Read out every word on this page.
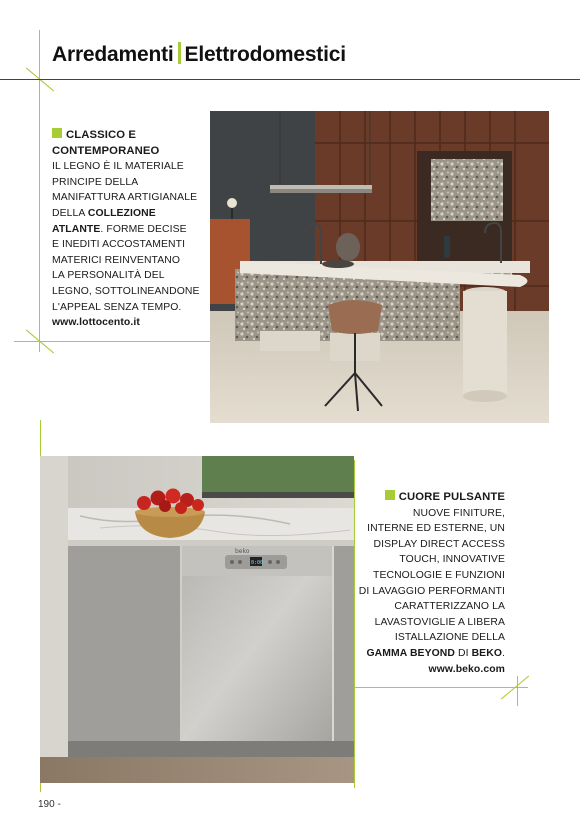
Arredamenti Elettrodomestici
CLASSICO E
CONTEMPORANEO
IL LEGNO È IL MATERIALE
PRINCIPE DELLA
MANIFATTURA ARTIGIANALE
DELLA COLLEZIONE
ATLANTE. FORME DECISE
E INEDITI ACCOSTAMENTI
MATERICI REINVENTANO
LA PERSONALITÀ DEL
LEGNO, SOTTOLINEANDONE
L'APPEAL SENZA TEMPO.
www.lottocento.it
beko
0:00
CUORE PULSANTE
NUOVE FINITURE,
INTERNE ED ESTERNE, UN
DISPLAY DIRECT ACCESS
TOUCH, INNOVATIVE
TECNOLOGIE E FUNZIONI
DI LAVAGGIO PERFORMANTI
CARATTERIZZANO LA
LAVASTOVIGLIE A LIBERA
ISTALLAZIONE DELLA
GAMMA BEYOND DI BEKO.
www.beko.com
190 -
